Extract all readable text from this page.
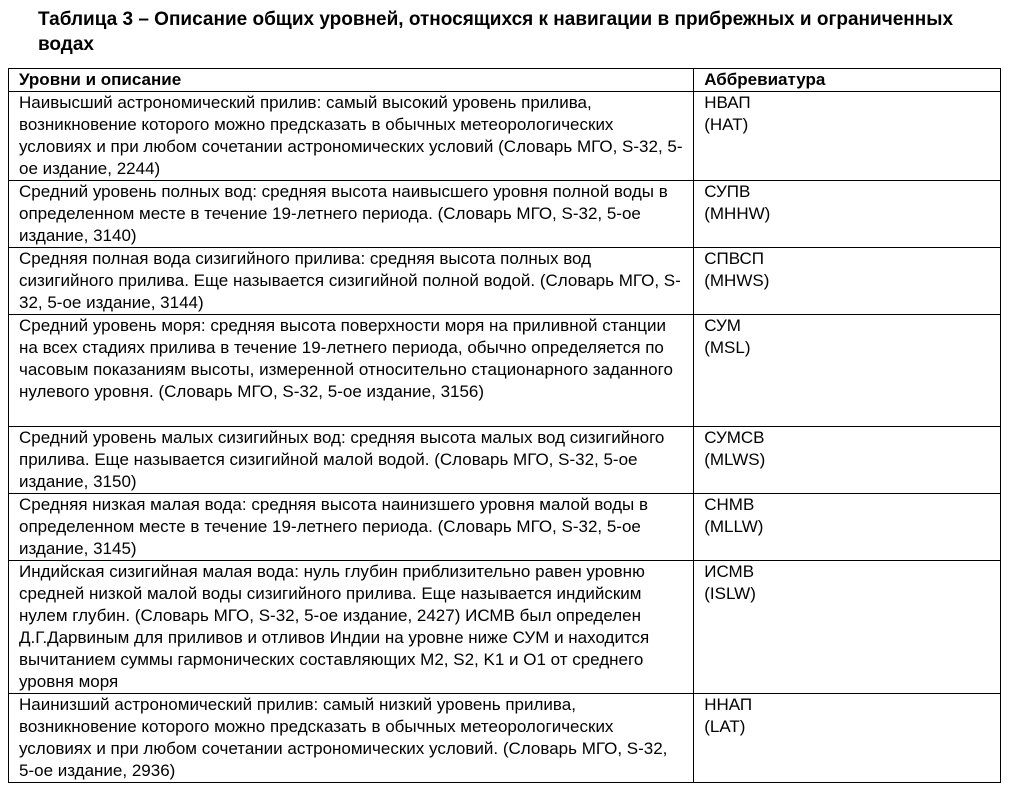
Таблица 3 – Описание общих уровней, относящихся к навигации в прибрежных и ограниченных водах
Уровни и описание	Аббревиатура
Наивысший астрономический прилив: самый высокий уровень прилива, возникновение которого можно предсказать в обычных метеорологических условиях и при любом сочетании астрономических условий (Словарь МГО, S-32, 5-ое издание, 2244)	НВАП
(HAT)

Средний уровень полных вод: средняя высота наивысшего уровня полной воды в определенном месте в течение 19-летнего периода. (Словарь МГО, S-32, 5-ое издание, 3140)	СУПВ
(MHHW)

Средняя полная вода сизигийного прилива: средняя высота полных вод сизигийного прилива. Еще называется сизигийной полной водой. (Словарь МГО, S-32, 5-ое издание, 3144)	СПВСП
(MHWS)

Средний уровень моря: средняя высота поверхности моря на приливной станции на всех стадиях прилива в течение 19-летнего периода, обычно определяется по часовым показаниям высоты, измеренной относительно стационарного заданного нулевого уровня. (Словарь МГО, S-32, 5-ое издание, 3156)	СУМ
(MSL)

Средний уровень малых сизигийных вод: средняя высота малых вод сизигийного прилива. Еще называется сизигийной малой водой. (Словарь МГО, S-32, 5-ое издание, 3150)	СУМСВ
(MLWS)

Средняя низкая малая вода: средняя высота наинизшего уровня малой воды в определенном месте в течение 19-летнего периода. (Словарь МГО, S-32, 5-ое издание, 3145)	СНМВ
(MLLW)

Индийская сизигийная малая вода: нуль глубин приблизительно равен уровню средней низкой малой воды сизигийного прилива. Еще называется индийским нулем глубин. (Словарь МГО, S-32, 5-ое издание, 2427) ИСМВ был определен Д.Г.Дарвиным для приливов и отливов Индии на уровне ниже СУМ и находится вычитанием суммы гармонических составляющих M2, S2, K1 и O1 от среднего уровня моря	ИСМВ
(ISLW)

Наинизший астрономический прилив: самый низкий уровень прилива, возникновение которого можно предсказать в обычных метеорологических условиях и при любом сочетании астрономических условий. (Словарь МГО, S-32, 5-ое издание, 2936)	ННАП
(LAT)
